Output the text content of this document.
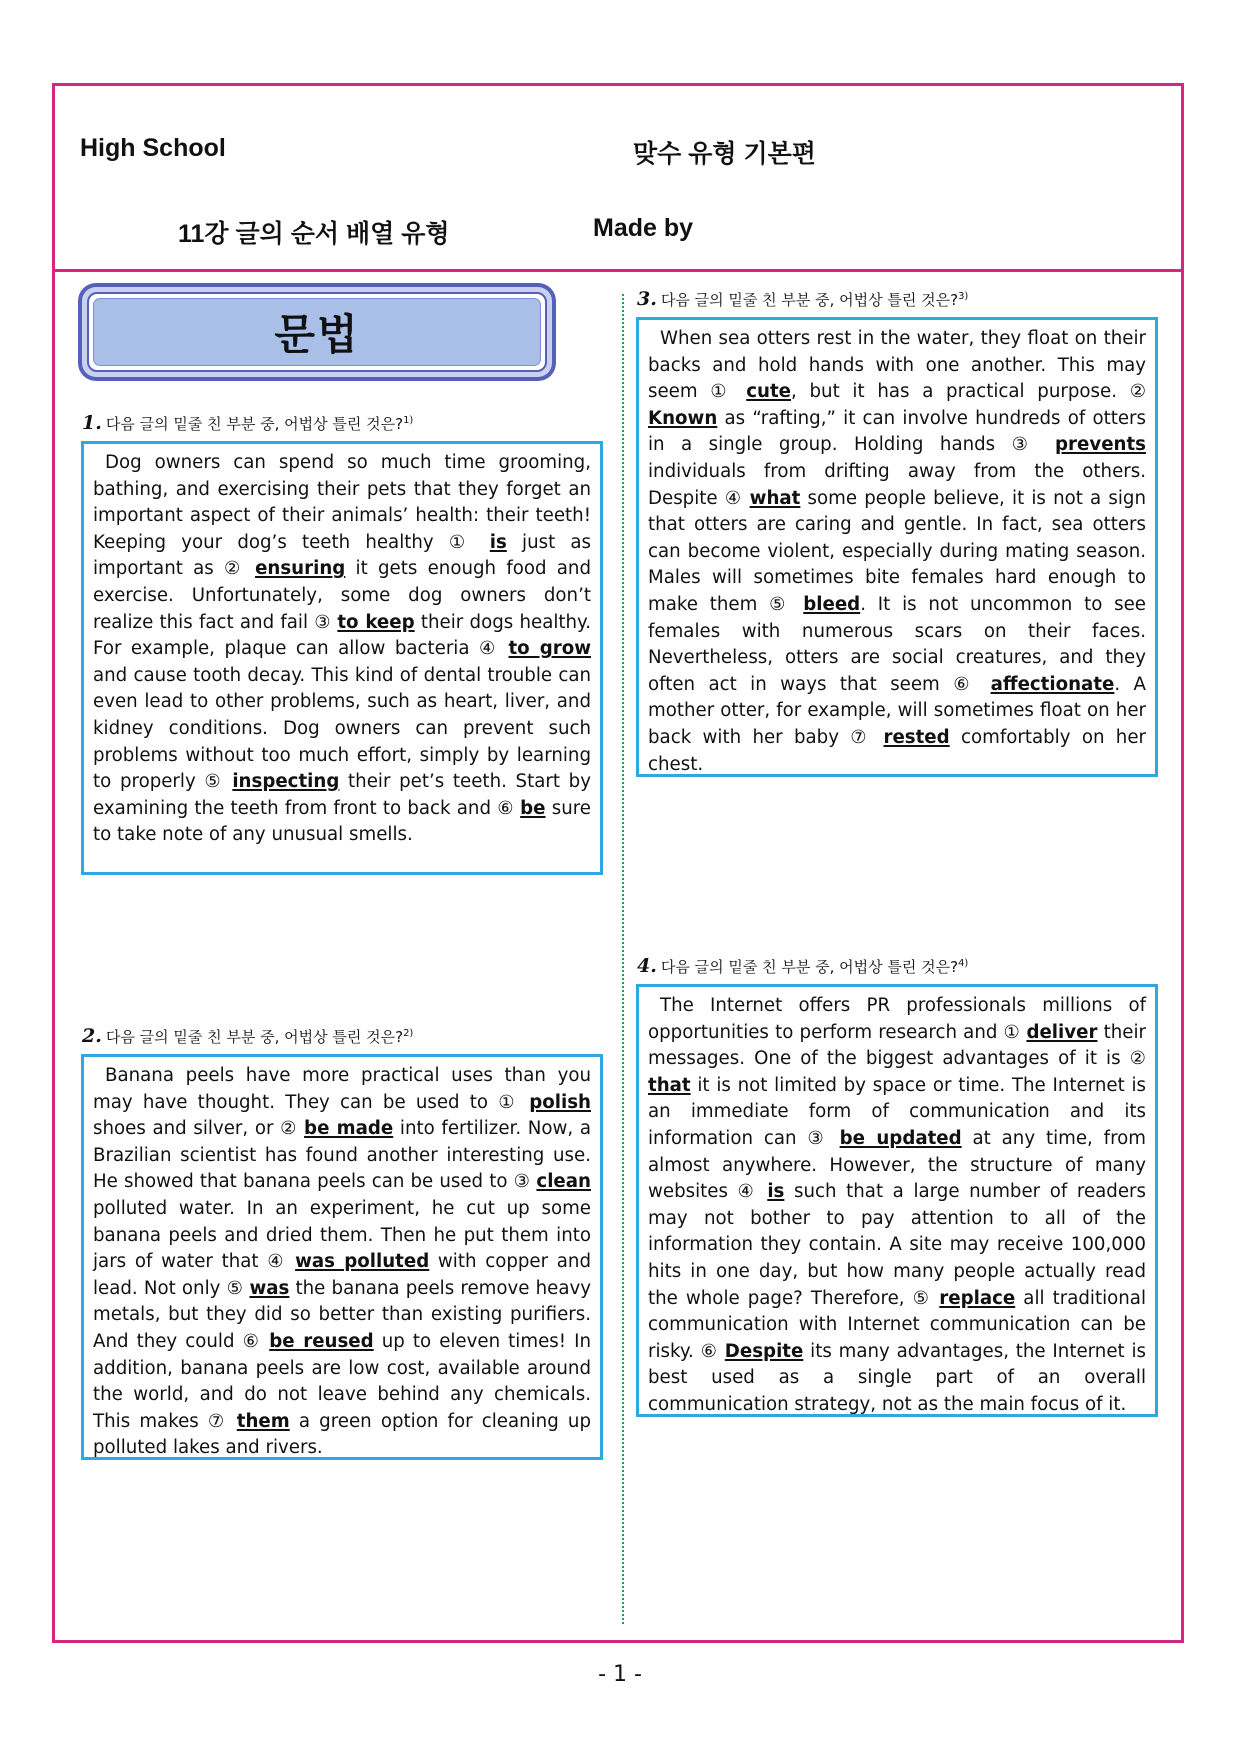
High School	맞수 유형 기본편
11강 글의 순서 배열 유형	Made by
문법
1. 다음 글의 밑줄 친 부분 중, 어법상 틀린 것은?$^{1)}$

Dog owners can spend so much time grooming, bathing, and exercising their pets that they forget an important aspect of their animals’ health: their teeth! Keeping your dog’s teeth healthy ① is just as important as ② ensuring it gets enough food and exercise. Unfortunately, some dog owners don’t realize this fact and fail ③ to keep their dogs healthy. For example, plaque can allow bacteria ④ to grow and cause tooth decay. This kind of dental trouble can even lead to other problems, such as heart, liver, and kidney conditions. Dog owners can prevent such problems without too much effort, simply by learning to properly ⑤ inspecting their pet’s teeth. Start by examining the teeth from front to back and ⑥ be sure to take note of any unusual smells.

2. 다음 글의 밑줄 친 부분 중, 어법상 틀린 것은?$^{2)}$

Banana peels have more practical uses than you may have thought. They can be used to ① polish shoes and silver, or ② be made into fertilizer. Now, a Brazilian scientist has found another interesting use. He showed that banana peels can be used to ③ clean polluted water. In an experiment, he cut up some banana peels and dried them. Then he put them into jars of water that ④ was polluted with copper and lead. Not only ⑤ was the banana peels remove heavy metals, but they did so better than existing purifiers. And they could ⑥ be reused up to eleven times! In addition, banana peels are low cost, available around the world, and do not leave behind any chemicals. This makes ⑦ them a green option for cleaning up polluted lakes and rivers.

3. 다음 글의 밑줄 친 부분 중, 어법상 틀린 것은?$^{3)}$

When sea otters rest in the water, they float on their backs and hold hands with one another. This may seem ① cute, but it has a practical purpose. ② Known as “rafting,” it can involve hundreds of otters in a single group. Holding hands ③ prevents individuals from drifting away from the others. Despite ④ what some people believe, it is not a sign that otters are caring and gentle. In fact, sea otters can become violent, especially during mating season. Males will sometimes bite females hard enough to make them ⑤ bleed. It is not uncommon to see females with numerous scars on their faces. Nevertheless, otters are social creatures, and they often act in ways that seem ⑥ affectionate. A mother otter, for example, will sometimes float on her back with her baby ⑦ rested comfortably on her chest.

4. 다음 글의 밑줄 친 부분 중, 어법상 틀린 것은?$^{4)}$

The Internet offers PR professionals millions of opportunities to perform research and ① deliver their messages. One of the biggest advantages of it is ② that it is not limited by space or time. The Internet is an immediate form of communication and its information can ③ be updated at any time, from almost anywhere. However, the structure of many websites ④ is such that a large number of readers may not bother to pay attention to all of the information they contain. A site may receive 100,000 hits in one day, but how many people actually read the whole page? Therefore, ⑤ replace all traditional communication with Internet communication can be risky. ⑥ Despite its many advantages, the Internet is best used as a single part of an overall communication strategy, not as the main focus of it.

- 1 -
